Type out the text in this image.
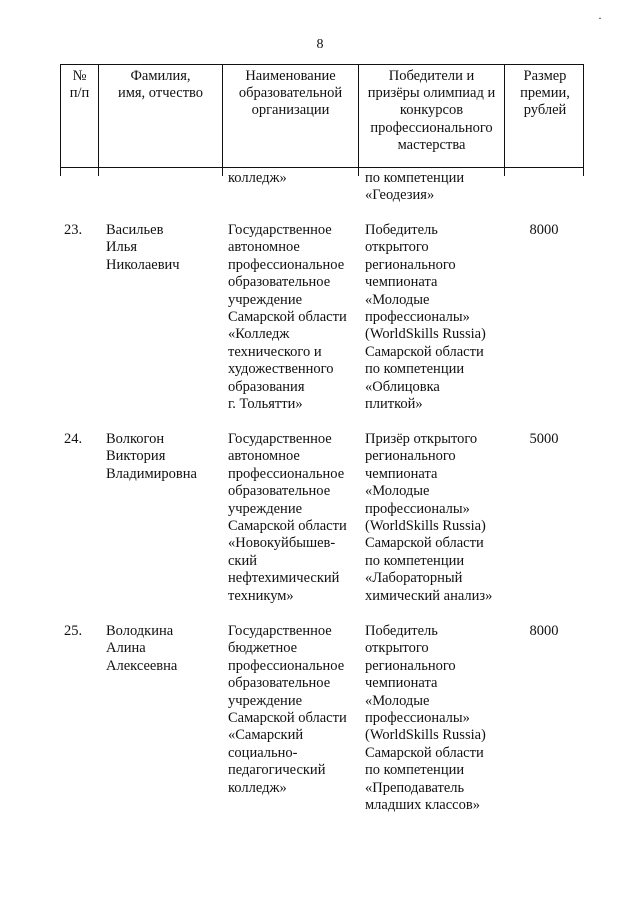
·
8
№
п/п
Фамилия,
имя, отчество
Наименование
образовательной
организации
Победители и
призёры олимпиад и
конкурсов
профессионального
мастерства
Размер
премии,
рублей
колледж»	по компетенции
«Геодезия»
23. Васильев
Илья
Николаевич
Государственное
автономное
профессиональное
образовательное
учреждение
Самарской области
«Колледж
технического и
художественного
образования
г. Тольятти»
Победитель
открытого
регионального
чемпионата
«Молодые
профессионалы»
(WorldSkills Russia)
Самарской области
по компетенции
«Облицовка
плиткой»
8000
24. Волкогон
Виктория
Владимировна
Государственное
автономное
профессиональное
образовательное
учреждение
Самарской области
«Новокуйбышев-
ский
нефтехимический
техникум»
Призёр открытого
регионального
чемпионата
«Молодые
профессионалы»
(WorldSkills Russia)
Самарской области
по компетенции
«Лабораторный
химический анализ»
5000
25. Володкина
Алина
Алексеевна
Государственное
бюджетное
профессиональное
образовательное
учреждение
Самарской области
«Самарский
социально-
педагогический
колледж»
Победитель
открытого
регионального
чемпионата
«Молодые
профессионалы»
(WorldSkills Russia)
Самарской области
по компетенции
«Преподаватель
младших классов»
8000
